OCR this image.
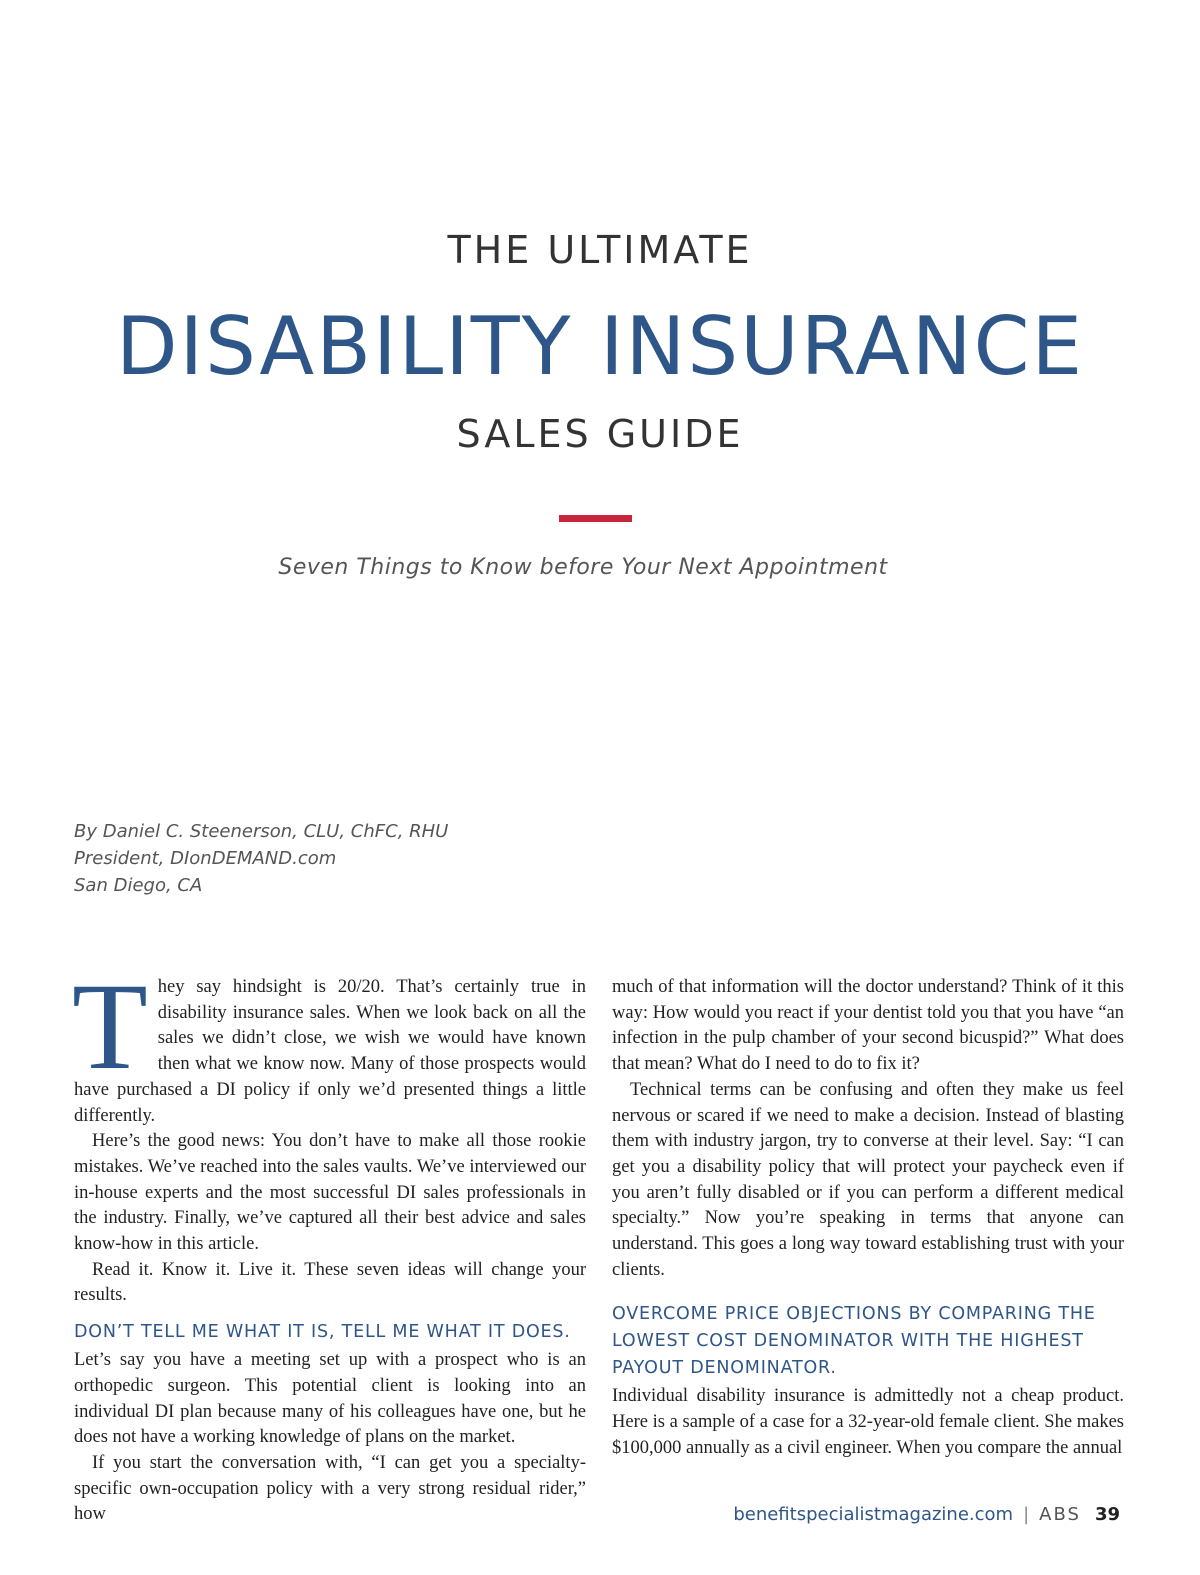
THE ULTIMATE
DISABILITY INSURANCE
SALES GUIDE
Seven Things to Know before Your Next Appointment
By Daniel C. Steenerson, CLU, ChFC, RHU
President, DIonDEMAND.com
San Diego, CA

They say hindsight is 20/20. That’s certainly true in disability insurance sales. When we look back on all the sales we didn’t close, we wish we would have known then what we know now. Many of those prospects would have purchased a DI policy if only we’d presented things a little differently.

Here’s the good news: You don’t have to make all those rookie mistakes. We’ve reached into the sales vaults. We’ve interviewed our in-house experts and the most successful DI sales professionals in the industry. Finally, we’ve captured all their best advice and sales know-how in this article.

Read it. Know it. Live it. These seven ideas will change your results.

DON’T TELL ME WHAT IT IS, TELL ME WHAT IT DOES.

Let’s say you have a meeting set up with a prospect who is an orthopedic surgeon. This potential client is looking into an individual DI plan because many of his colleagues have one, but he does not have a working knowledge of plans on the market.

If you start the conversation with, “I can get you a specialty-specific own-occupation policy with a very strong residual rider,” how

much of that information will the doctor understand? Think of it this way: How would you react if your dentist told you that you have “an infection in the pulp chamber of your second bicuspid?” What does that mean? What do I need to do to fix it?

Technical terms can be confusing and often they make us feel nervous or scared if we need to make a decision. Instead of blasting them with industry jargon, try to converse at their level. Say: “I can get you a disability policy that will protect your paycheck even if you aren’t fully disabled or if you can perform a different medical specialty.” Now you’re speaking in terms that anyone can understand. This goes a long way toward establishing trust with your clients.

OVERCOME PRICE OBJECTIONS BY COMPARING THE LOWEST COST DENOMINATOR WITH THE HIGHEST PAYOUT DENOMINATOR.

Individual disability insurance is admittedly not a cheap product. Here is a sample of a case for a 32-year-old female client. She makes $100,000 annually as a civil engineer. When you compare the annual

benefitspecialistmagazine.com | ABS 39
